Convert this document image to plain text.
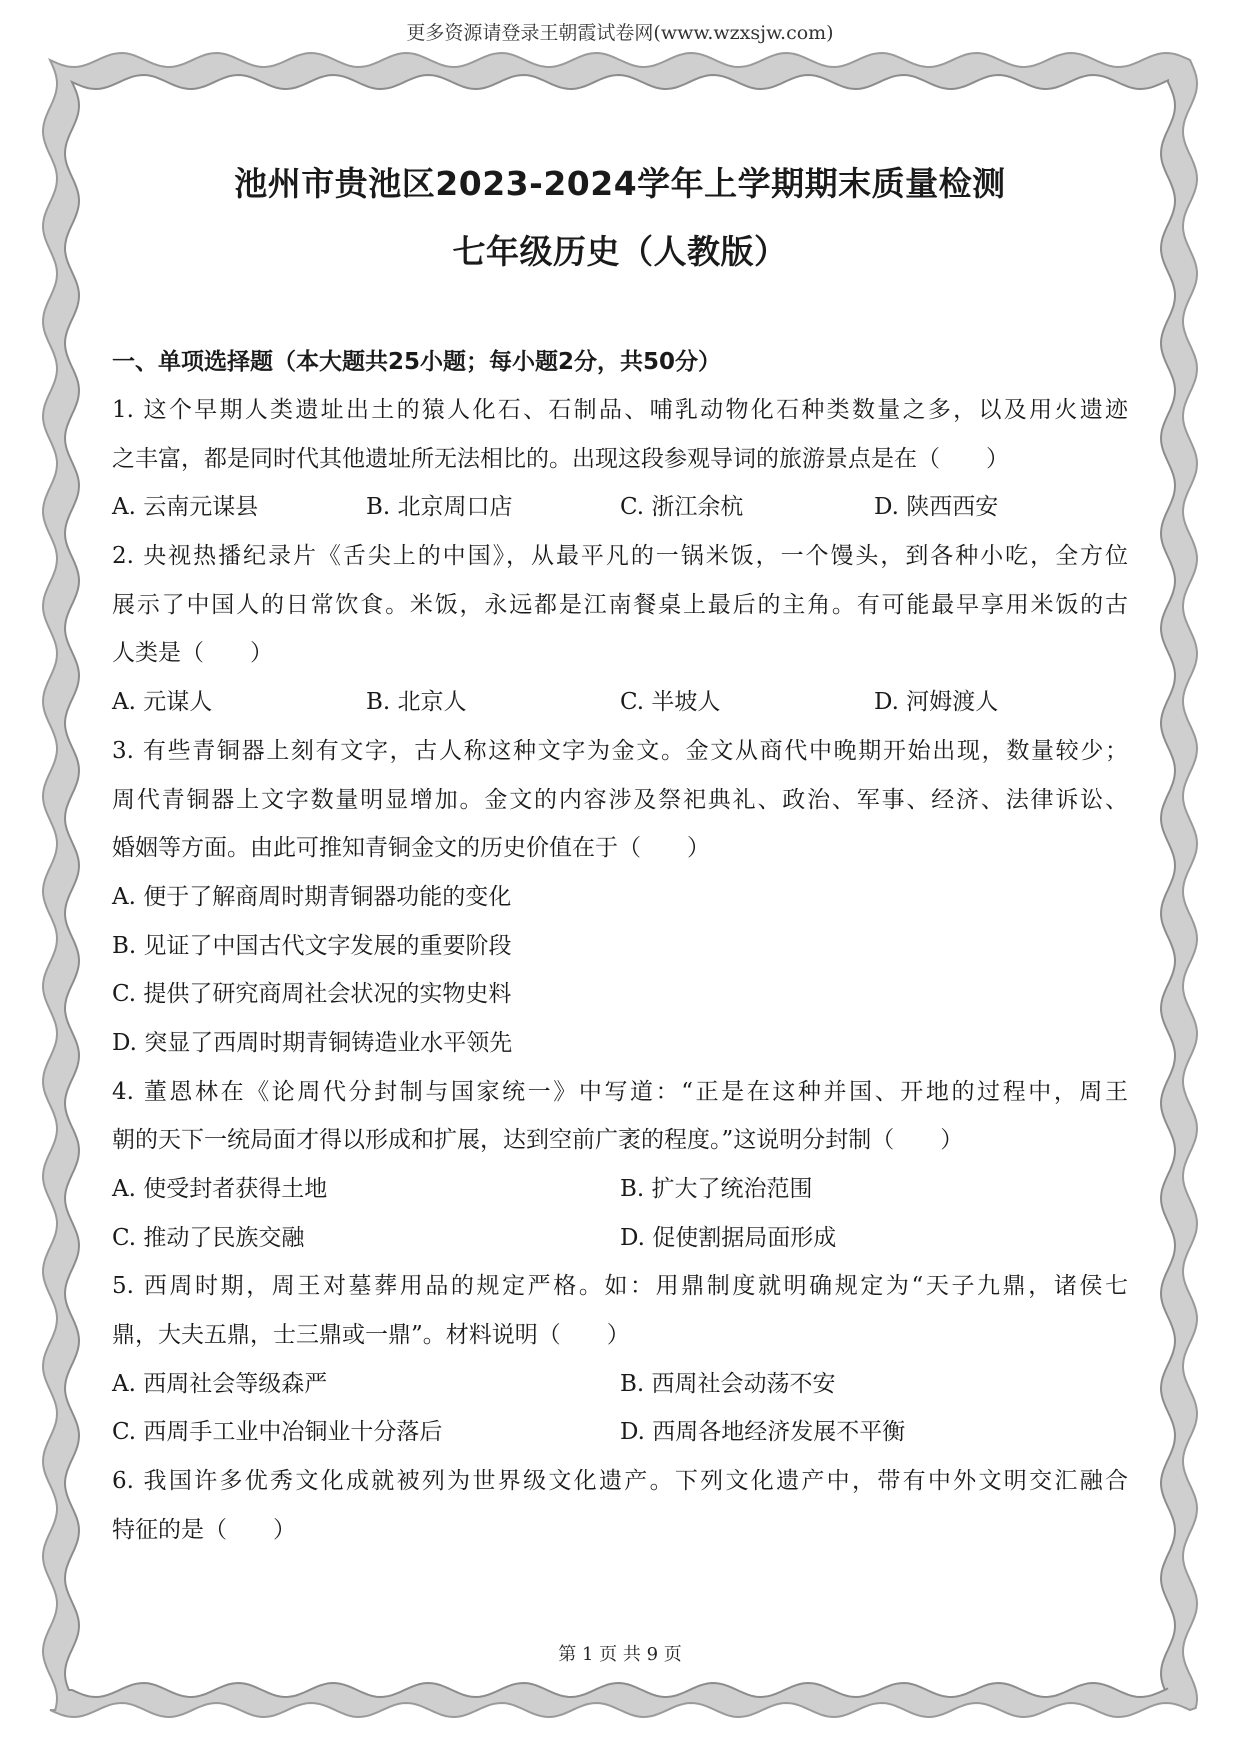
更多资源请登录王朝霞试卷网(www.wzxsjw.com)
池州市贵池区2023-2024学年上学期期末质量检测
七年级历史（人教版）
一、单项选择题（本大题共25小题；每小题2分，共50分）
1. 这个早期人类遗址出土的猿人化石、石制品、哺乳动物化石种类数量之多，以及用火遗迹
之丰富，都是同时代其他遗址所无法相比的。出现这段参观导词的旅游景点是在（　　）
A. 云南元谋县	B. 北京周口店	C. 浙江余杭	D. 陕西西安
2. 央视热播纪录片《舌尖上的中国》，从最平凡的一锅米饭，一个馒头，到各种小吃，全方位
展示了中国人的日常饮食。米饭，永远都是江南餐桌上最后的主角。有可能最早享用米饭的古
人类是（　　）
A. 元谋人	B. 北京人	C. 半坡人	D. 河姆渡人
3. 有些青铜器上刻有文字，古人称这种文字为金文。金文从商代中晚期开始出现，数量较少；
周代青铜器上文字数量明显增加。金文的内容涉及祭祀典礼、政治、军事、经济、法律诉讼、
婚姻等方面。由此可推知青铜金文的历史价值在于（　　）
A. 便于了解商周时期青铜器功能的变化
B. 见证了中国古代文字发展的重要阶段
C. 提供了研究商周社会状况的实物史料
D. 突显了西周时期青铜铸造业水平领先
4. 董恩林在《论周代分封制与国家统一》中写道：“正是在这种并国、开地的过程中，周王
朝的天下一统局面才得以形成和扩展，达到空前广袤的程度。”这说明分封制（　　）
A. 使受封者获得土地	B. 扩大了统治范围
C. 推动了民族交融	D. 促使割据局面形成
5. 西周时期，周王对墓葬用品的规定严格。如：用鼎制度就明确规定为“天子九鼎，诸侯七
鼎，大夫五鼎，士三鼎或一鼎”。材料说明（　　）
A. 西周社会等级森严	B. 西周社会动荡不安
C. 西周手工业中冶铜业十分落后	D. 西周各地经济发展不平衡
6. 我国许多优秀文化成就被列为世界级文化遗产。下列文化遗产中，带有中外文明交汇融合
特征的是（　　）
第 1 页 共 9 页
